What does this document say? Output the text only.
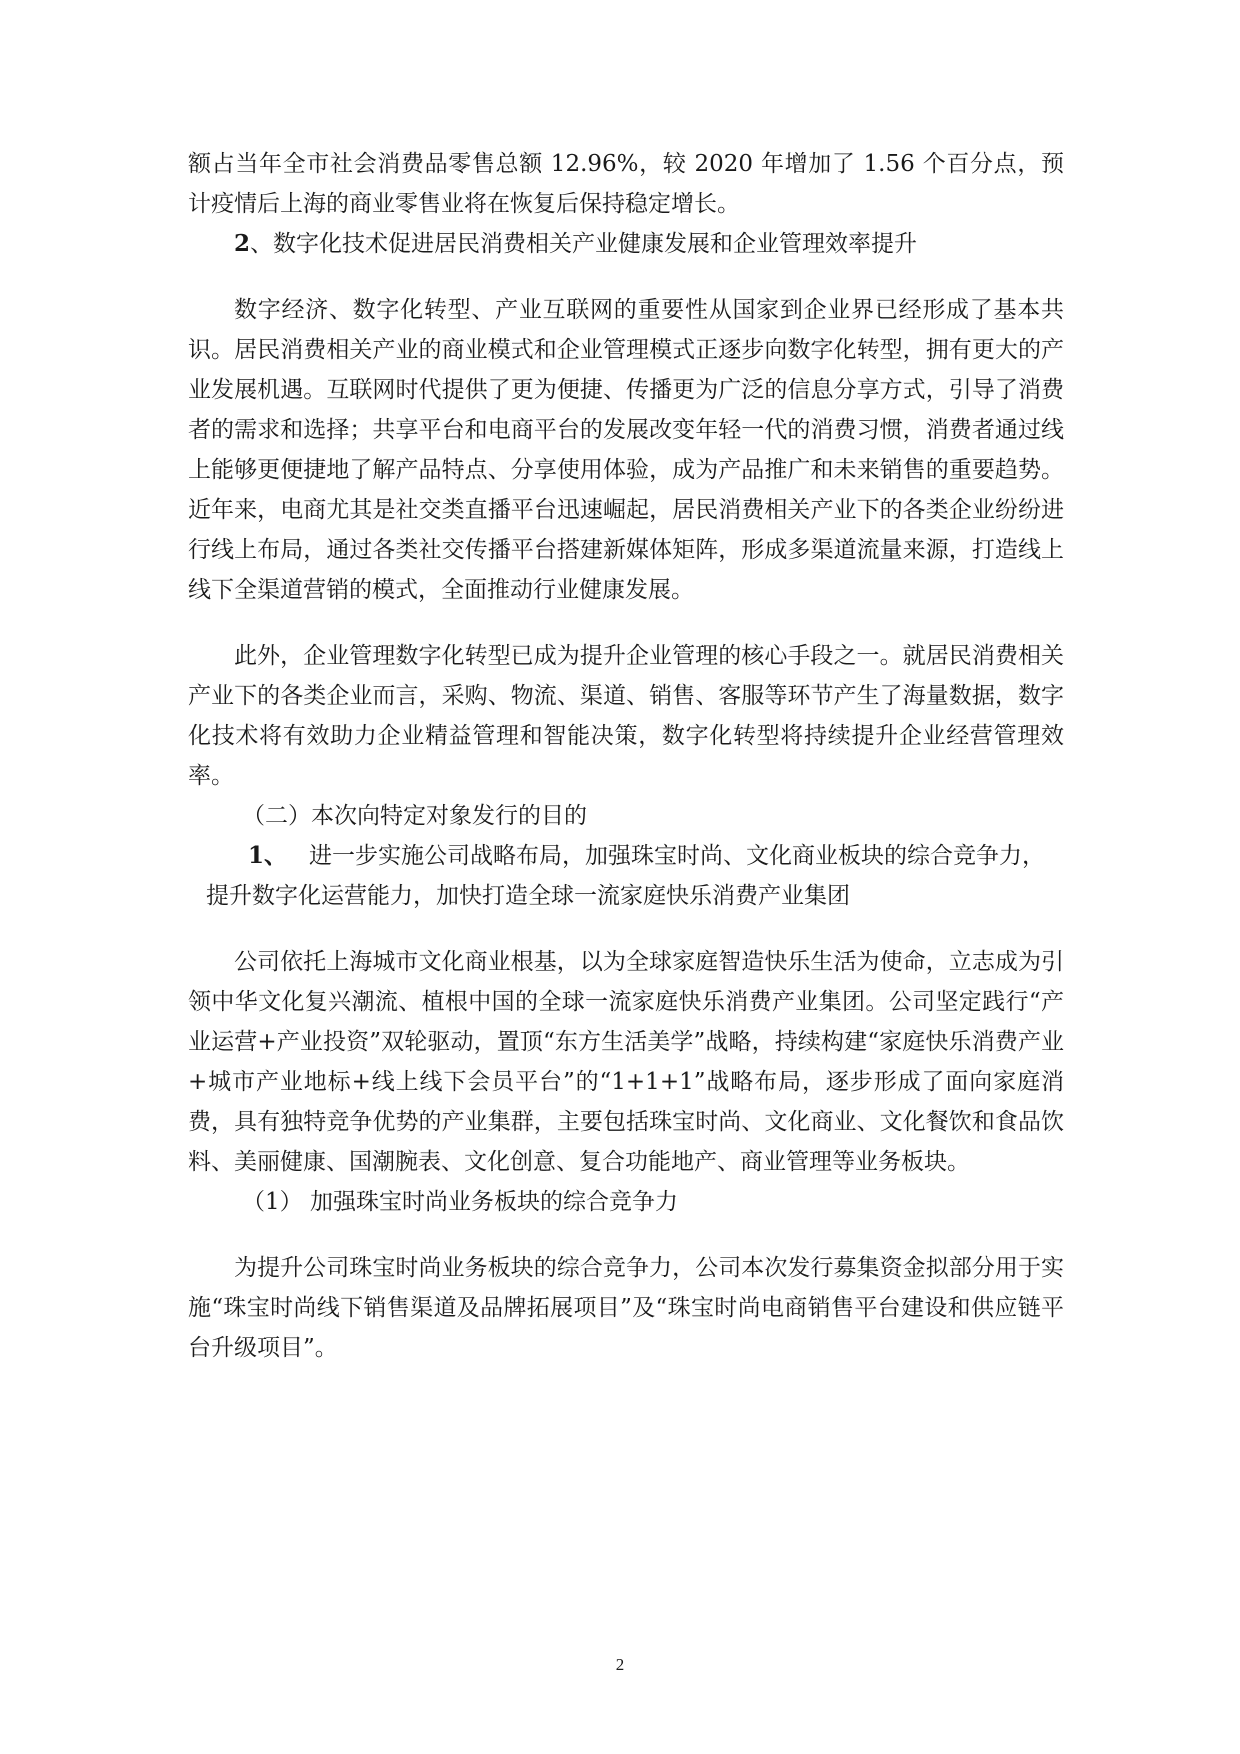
额占当年全市社会消费品零售总额 12.96%，较 2020 年增加了 1.56 个百分点，预计疫情后上海的商业零售业将在恢复后保持稳定增长。

2、数字化技术促进居民消费相关产业健康发展和企业管理效率提升

数字经济、数字化转型、产业互联网的重要性从国家到企业界已经形成了基本共识。居民消费相关产业的商业模式和企业管理模式正逐步向数字化转型，拥有更大的产业发展机遇。互联网时代提供了更为便捷、传播更为广泛的信息分享方式，引导了消费者的需求和选择；共享平台和电商平台的发展改变年轻一代的消费习惯，消费者通过线上能够更便捷地了解产品特点、分享使用体验，成为产品推广和未来销售的重要趋势。近年来，电商尤其是社交类直播平台迅速崛起，居民消费相关产业下的各类企业纷纷进行线上布局，通过各类社交传播平台搭建新媒体矩阵，形成多渠道流量来源，打造线上线下全渠道营销的模式，全面推动行业健康发展。

此外，企业管理数字化转型已成为提升企业管理的核心手段之一。就居民消费相关产业下的各类企业而言，采购、物流、渠道、销售、客服等环节产生了海量数据，数字化技术将有效助力企业精益管理和智能决策，数字化转型将持续提升企业经营管理效率。

（二）本次向特定对象发行的目的

1、 进一步实施公司战略布局，加强珠宝时尚、文化商业板块的综合竞争力，提升数字化运营能力，加快打造全球一流家庭快乐消费产业集团

公司依托上海城市文化商业根基，以为全球家庭智造快乐生活为使命，立志成为引领中华文化复兴潮流、植根中国的全球一流家庭快乐消费产业集团。公司坚定践行“产业运营+产业投资”双轮驱动，置顶“东方生活美学”战略，持续构建“家庭快乐消费产业+城市产业地标+线上线下会员平台”的“1+1+1”战略布局，逐步形成了面向家庭消费，具有独特竞争优势的产业集群，主要包括珠宝时尚、文化商业、文化餐饮和食品饮料、美丽健康、国潮腕表、文化创意、复合功能地产、商业管理等业务板块。

（1） 加强珠宝时尚业务板块的综合竞争力

为提升公司珠宝时尚业务板块的综合竞争力，公司本次发行募集资金拟部分用于实施“珠宝时尚线下销售渠道及品牌拓展项目”及“珠宝时尚电商销售平台建设和供应链平台升级项目”。

2
